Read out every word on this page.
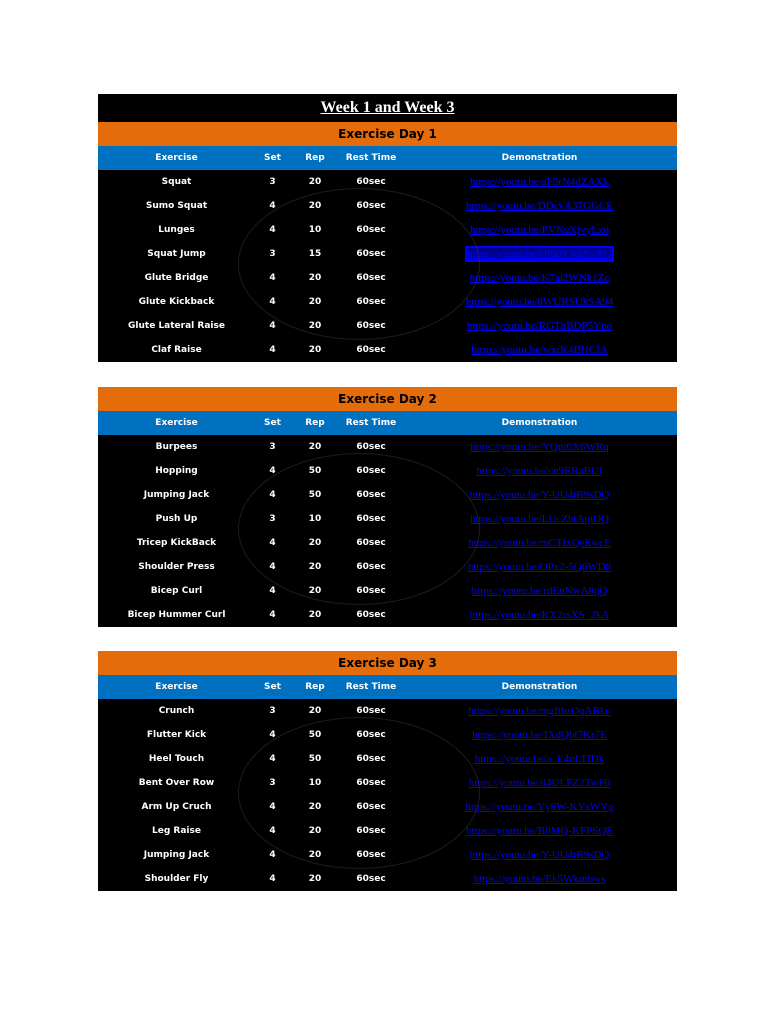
Week 1 and Week 3
Exercise Day 1
Exercise	Set	Rep	Rest Time	Demonstration
Squat	3	20	60sec	https://youtu.be/aF5rN4dZAXk
Sumo Squat	4	20	60sec	https://youtu.be/DDcvA37GGCE
Lunges	4	10	60sec	https://youtu.be/PVNuXjvyLxo
Squat Jump	3	15	60sec	https://youtu.be/Ofu6YKn8wRQ
Glute Bridge	4	20	60sec	https://youtu.be/K7ai2WNk1Zc
Glute Kickback	4	20	60sec	https://youtu.be/8WURSUkSA94
Glute Lateral Raise	4	20	60sec	https://youtu.be/RGTnBDP5Yno
Claf Raise	4	20	60sec	https://youtu.be/wxrK4BHCIA
Exercise Day 2
Exercise	Set	Rep	Rest Time	Demonstration
Burpees	3	20	60sec	https://youtu.be/YQni0X6WRq
Hopping	4	50	60sec	https://youtu.be/cn9RRaBUI
Jumping Jack	4	50	60sec	https://youtu.be/Y-UU4tR9sDQ
Push Up	3	10	60sec	https://youtu.be/LUcZhtAqiOQ
Tricep KickBack	4	20	60sec	https://youtu.be/mCTfxQeEwcE
Shoulder Press	4	20	60sec	https://youtu.be/OPx2-5Q6WD8
Bicep Curl	4	20	60sec	https://youtu.be/rdEnNwA8qQ
Bicep Hummer Curl	4	20	60sec	https://youtu.be/KX2rsXS_2kA
Exercise Day 3
Exercise	Set	Rep	Rest Time	Demonstration
Crunch	3	20	60sec	https://youtu.be/mgflbzOqABko
Flutter Kick	4	50	60sec	https://youtu.be/IXdQbt7Kr7E
Heel Touch	4	50	60sec	https://youtu.be/a_E4nLTIDk
Bent Over Row	3	10	60sec	https://youtu.be/d4ULFZ2TwF0
Arm Up Cruch	4	20	60sec	https://youtu.be/Yy8W-KYsWYg
Leg Raise	4	20	60sec	https://youtu.be/B0MQ-KFPSQE
Jumping Jack	4	20	60sec	https://youtu.be/Y-UU4tR9sDQ
Shoulder Fly	4	20	60sec	https://youtu.be/Ek5Wkmbws
